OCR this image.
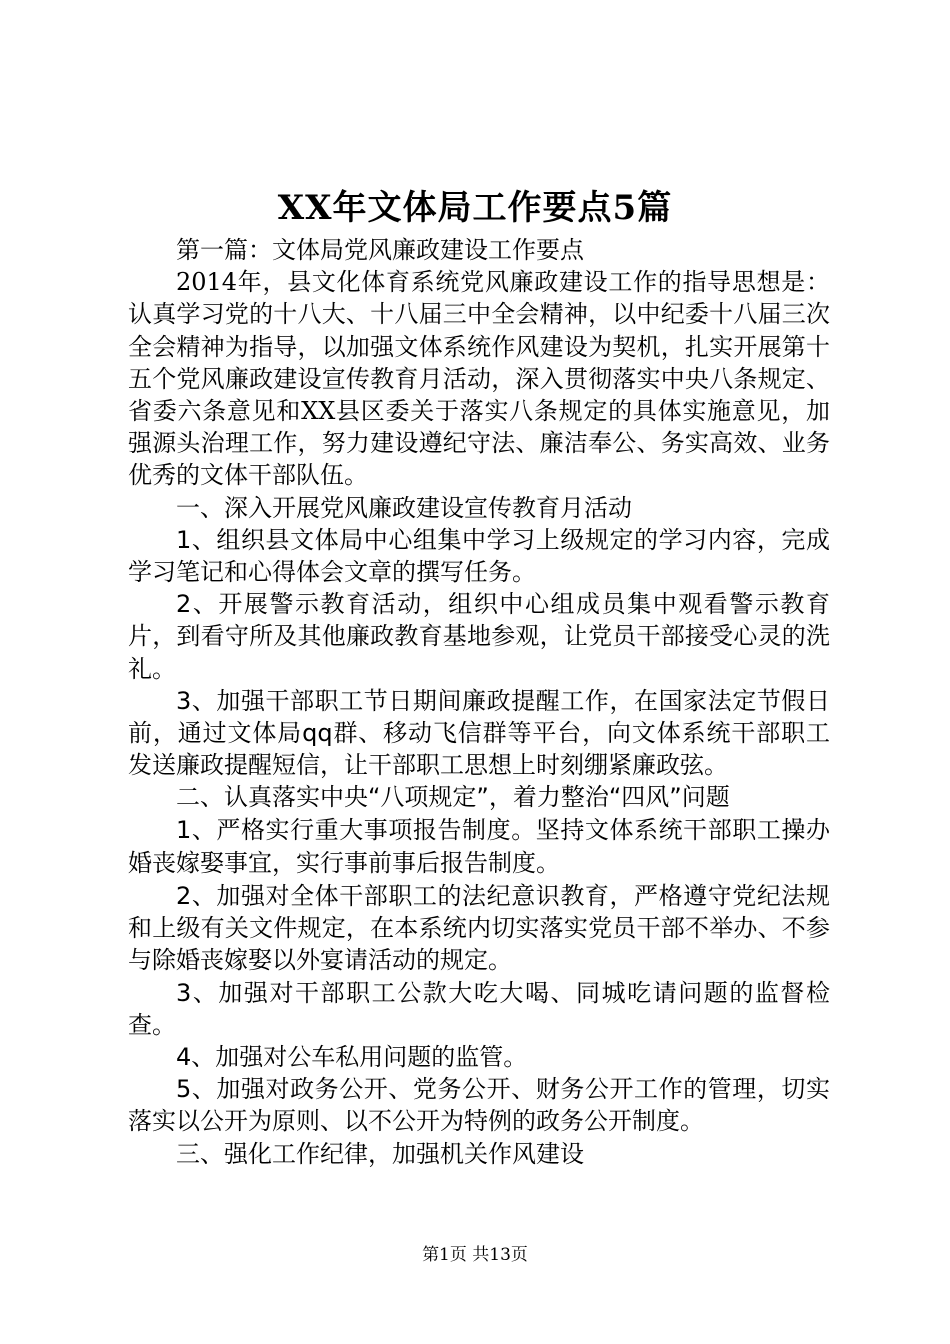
XX年文体局工作要点5篇

第一篇：文体局党风廉政建设工作要点

2014年，县文化体育系统党风廉政建设工作的指导思想是：认真学习党的十八大、十八届三中全会精神，以中纪委十八届三次全会精神为指导，以加强文体系统作风建设为契机，扎实开展第十五个党风廉政建设宣传教育月活动，深入贯彻落实中央八条规定、省委六条意见和XX县区委关于落实八条规定的具体实施意见，加强源头治理工作，努力建设遵纪守法、廉洁奉公、务实高效、业务优秀的文体干部队伍。

一、深入开展党风廉政建设宣传教育月活动

1、组织县文体局中心组集中学习上级规定的学习内容，完成学习笔记和心得体会文章的撰写任务。

2、开展警示教育活动，组织中心组成员集中观看警示教育片，到看守所及其他廉政教育基地参观，让党员干部接受心灵的洗礼。

3、加强干部职工节日期间廉政提醒工作，在国家法定节假日前，通过文体局qq群、移动飞信群等平台，向文体系统干部职工发送廉政提醒短信，让干部职工思想上时刻绷紧廉政弦。

二、认真落实中央“八项规定”，着力整治“四风”问题

1、严格实行重大事项报告制度。坚持文体系统干部职工操办婚丧嫁娶事宜，实行事前事后报告制度。

2、加强对全体干部职工的法纪意识教育，严格遵守党纪法规和上级有关文件规定，在本系统内切实落实党员干部不举办、不参与除婚丧嫁娶以外宴请活动的规定。

3、加强对干部职工公款大吃大喝、同城吃请问题的监督检查。

4、加强对公车私用问题的监管。

5、加强对政务公开、党务公开、财务公开工作的管理，切实落实以公开为原则、以不公开为特例的政务公开制度。

三、强化工作纪律，加强机关作风建设

第1页 共13页
